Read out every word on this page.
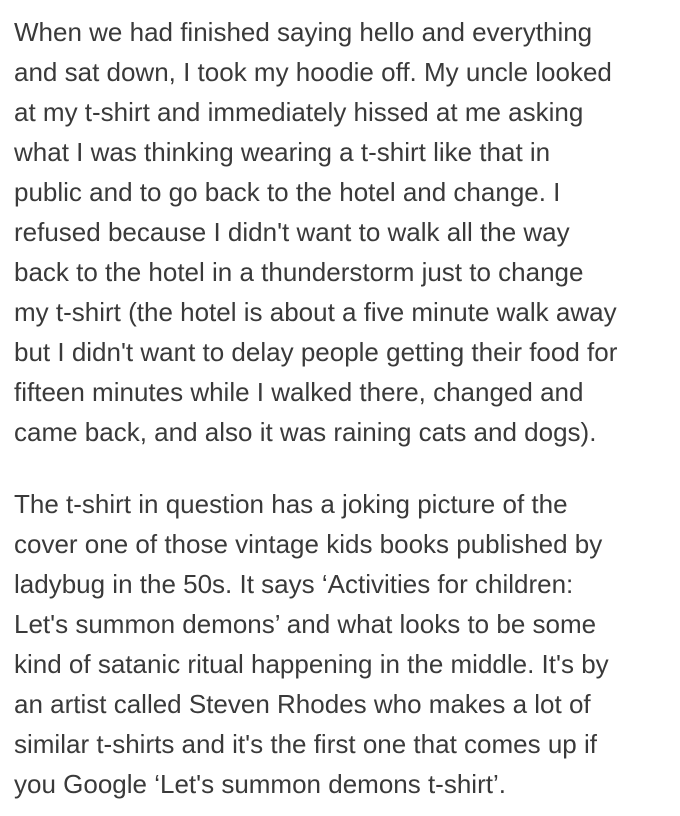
When we had finished saying hello and everything
and sat down, I took my hoodie off. My uncle looked
at my t-shirt and immediately hissed at me asking
what I was thinking wearing a t-shirt like that in
public and to go back to the hotel and change. I
refused because I didn't want to walk all the way
back to the hotel in a thunderstorm just to change
my t-shirt (the hotel is about a five minute walk away
but I didn't want to delay people getting their food for
fifteen minutes while I walked there, changed and
came back, and also it was raining cats and dogs).

The t-shirt in question has a joking picture of the
cover one of those vintage kids books published by
ladybug in the 50s. It says ‘Activities for children:
Let's summon demons’ and what looks to be some
kind of satanic ritual happening in the middle. It's by
an artist called Steven Rhodes who makes a lot of
similar t-shirts and it's the first one that comes up if
you Google ‘Let's summon demons t-shirt’.
